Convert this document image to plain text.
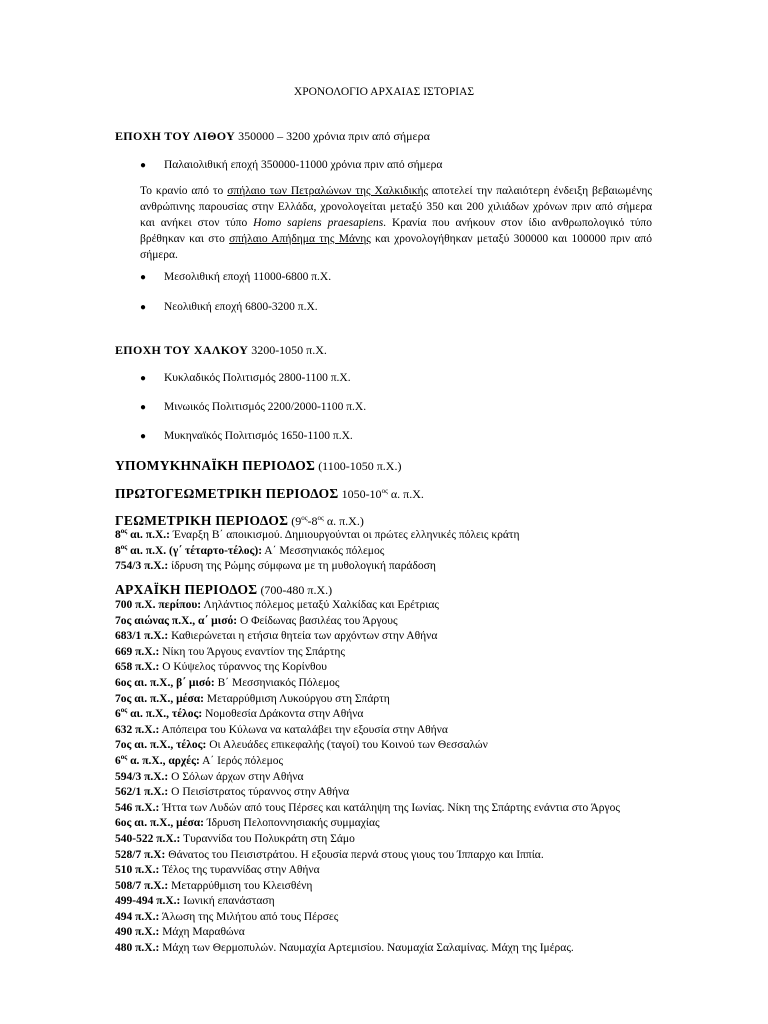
ΧΡΟΝΟΛΟΓΙΟ ΑΡΧΑΙΑΣ ΙΣΤΟΡΙΑΣ
ΕΠΟΧΗ ΤΟΥ ΛΙΘΟΥ 350000 – 3200 χρόνια πριν από σήμερα
● Παλαιολιθική εποχή 350000-11000 χρόνια πριν από σήμερα
Το κρανίο από το σπήλαιο των Πετραλώνων της Χαλκιδικής αποτελεί την παλαιότερη ένδειξη βεβαιωμένης ανθρώπινης παρουσίας στην Ελλάδα, χρονολογείται μεταξύ 350 και 200 χιλιάδων χρόνων πριν από σήμερα και ανήκει στον τύπο Homo sapiens praesapiens. Κρανία που ανήκουν στον ίδιο ανθρωπολογικό τύπο βρέθηκαν και στο σπήλαιο Απήδημα της Μάνης και χρονολογήθηκαν μεταξύ 300000 και 100000 πριν από σήμερα.
● Μεσολιθική εποχή 11000-6800 π.Χ.
● Νεολιθική εποχή 6800-3200 π.Χ.
ΕΠΟΧΗ ΤΟΥ ΧΑΛΚΟΥ 3200-1050 π.Χ.
● Κυκλαδικός Πολιτισμός 2800-1100 π.Χ.
● Μινωικός Πολιτισμός 2200/2000-1100 π.Χ.
● Μυκηναϊκός Πολιτισμός 1650-1100 π.Χ.
ΥΠΟΜΥΚΗΝΑΪΚΗ ΠΕΡΙΟΔΟΣ (1100-1050 π.Χ.)
ΠΡΩΤΟΓΕΩΜΕΤΡΙΚΗ ΠΕΡΙΟΔΟΣ $1050-10^{o\varsigma}$ α. π.Χ.
ΓΕΩΜΕΤΡΙΚΗ ΠΕΡΙΟΔΟΣ ($9^{o\varsigma}-8^{o\varsigma}$ α. π.Χ.)
$8^{o\varsigma}$ αι. π.Χ.: Έναρξη Β΄ αποικισμού. Δημιουργούνται οι πρώτες ελληνικές πόλεις κράτη
$8^{o\varsigma}$ αι. π.Χ. (γ΄ τέταρτο-τέλος): Α΄ Μεσσηνιακός πόλεμος
754/3 π.Χ.: ίδρυση της Ρώμης σύμφωνα με τη μυθολογική παράδοση
ΑΡΧΑΪΚΗ ΠΕΡΙΟΔΟΣ (700-480 π.Χ.)
700 π.Χ. περίπου: Ληλάντιος πόλεμος μεταξύ Χαλκίδας και Ερέτριας
7ος αιώνας π.Χ., α΄ μισό: Ο Φείδωνας βασιλέας του Άργους
683/1 π.Χ.: Καθιερώνεται η ετήσια θητεία των αρχόντων στην Αθήνα
669 π.Χ.: Νίκη του Άργους εναντίον της Σπάρτης
658 π.Χ.: Ο Κύψελος τύραννος της Κορίνθου
6ος αι. π.Χ., β΄ μισό: Β΄ Μεσσηνιακός Πόλεμος
7ος αι. π.Χ., μέσα: Μεταρρύθμιση Λυκούργου στη Σπάρτη
$6^{o\varsigma}$ αι. π.Χ., τέλος: Νομοθεσία Δράκοντα στην Αθήνα
632 π.Χ.: Απόπειρα του Κύλωνα να καταλάβει την εξουσία στην Αθήνα
7ος αι. π.Χ., τέλος: Οι Αλευάδες επικεφαλής (ταγοί) του Κοινού των Θεσσαλών
$6^{o\varsigma}$ α. π.Χ., αρχές: Α΄ Ιερός πόλεμος
594/3 π.Χ.: Ο Σόλων άρχων στην Αθήνα
562/1 π.Χ.: Ο Πεισίστρατος τύραννος στην Αθήνα
546 π.Χ.: Ήττα των Λυδών από τους Πέρσες και κατάληψη της Ιωνίας. Νίκη της Σπάρτης ενάντια στο Άργος
6ος αι. π.Χ., μέσα: Ίδρυση Πελοποννησιακής συμμαχίας
540-522 π.Χ.: Τυραννίδα του Πολυκράτη στη Σάμο
528/7 π.Χ: Θάνατος του Πεισιστράτου. Η εξουσία περνά στους γιους του Ίππαρχο και Ιππία.
510 π.Χ.: Τέλος της τυραννίδας στην Αθήνα
508/7 π.Χ.: Μεταρρύθμιση του Κλεισθένη
499-494 π.Χ.: Ιωνική επανάσταση
494 π.Χ.: Άλωση της Μιλήτου από τους Πέρσες
490 π.Χ.: Μάχη Μαραθώνα
480 π.Χ.: Μάχη των Θερμοπυλών. Ναυμαχία Αρτεμισίου. Ναυμαχία Σαλαμίνας. Μάχη της Ιμέρας.
